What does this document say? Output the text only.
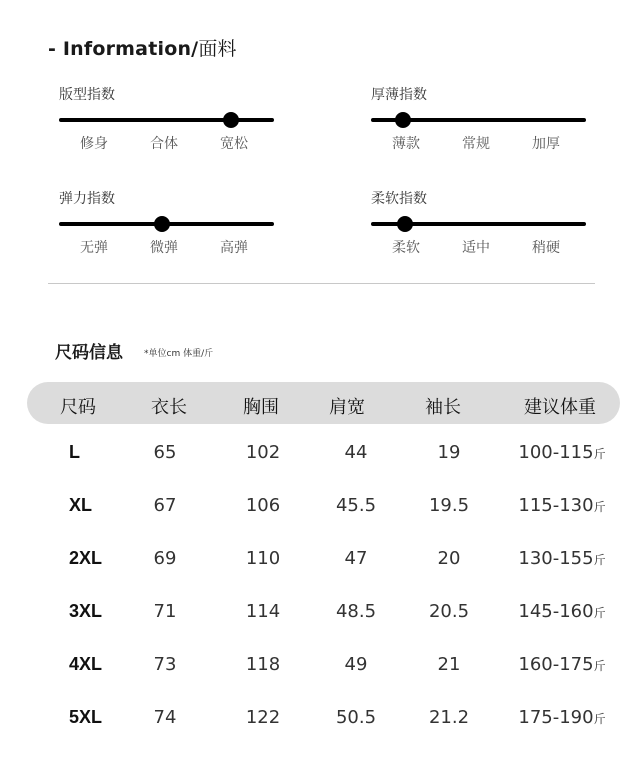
- Information/面料
版型指数
修身	合体	宽松
厚薄指数
薄款	常规	加厚
弹力指数
无弹	微弹	高弹
柔软指数
柔软	适中	稍硬
尺码信息 *单位cm 体重/斤
尺码	衣长	胸围	肩宽	袖长	建议体重
L	65	102	44	19	100-115斤
XL	67	106	45.5	19.5	115-130斤
2XL	69	110	47	20	130-155斤
3XL	71	114	48.5	20.5	145-160斤
4XL	73	118	49	21	160-175斤
5XL	74	122	50.5	21.2	175-190斤
